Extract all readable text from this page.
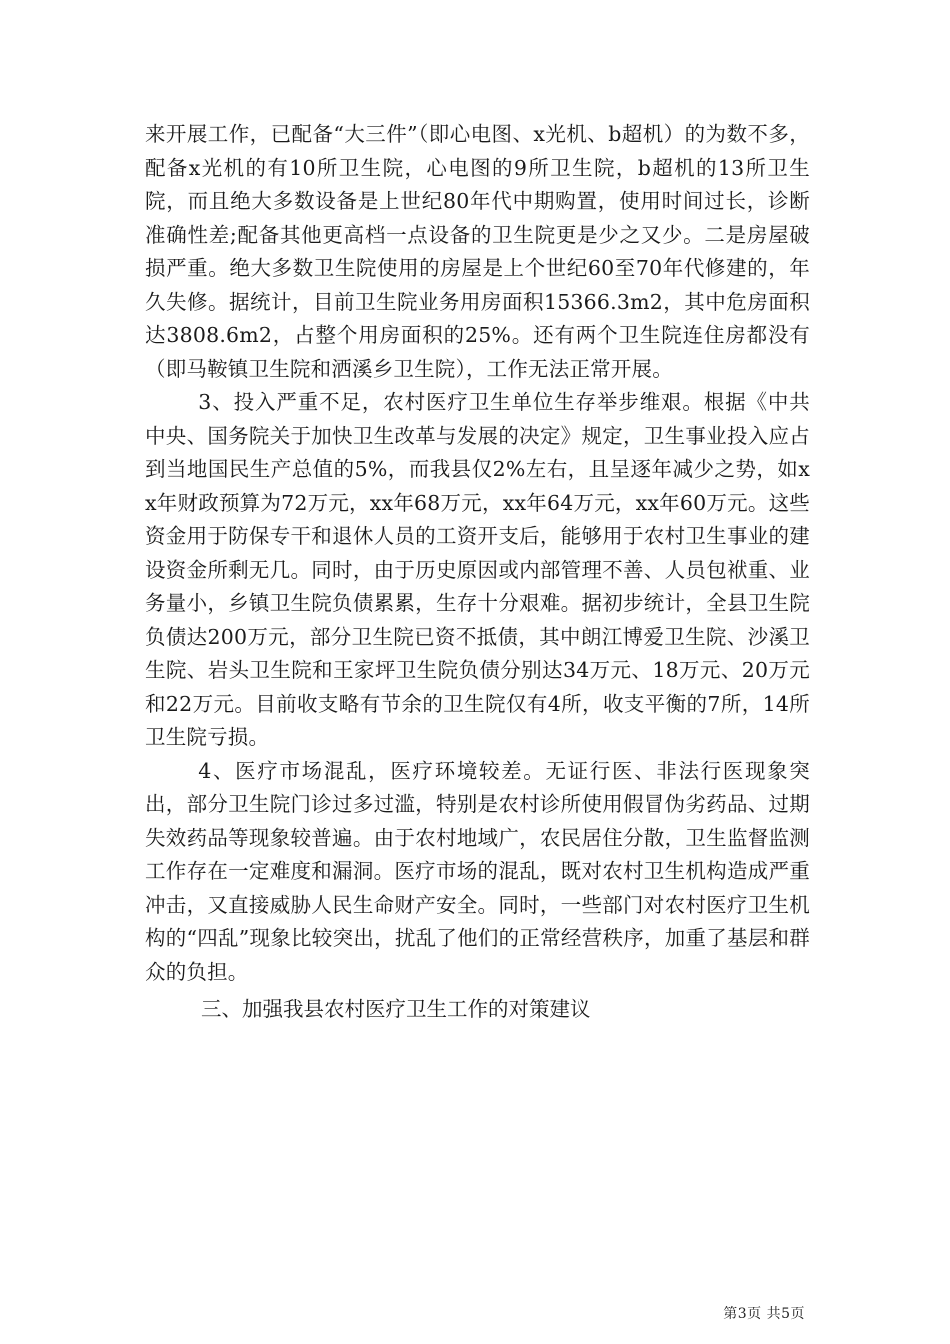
来开展工作，已配备“大三件”（即心电图、x光机、b超机）的为数不多，配备x光机的有10所卫生院，心电图的9所卫生院，b超机的13所卫生院，而且绝大多数设备是上世纪80年代中期购置，使用时间过长，诊断准确性差;配备其他更高档一点设备的卫生院更是少之又少。二是房屋破损严重。绝大多数卫生院使用的房屋是上个世纪60至70年代修建的，年久失修。据统计，目前卫生院业务用房面积15366.3m2，其中危房面积达3808.6m2，占整个用房面积的25%。还有两个卫生院连住房都没有（即马鞍镇卫生院和洒溪乡卫生院），工作无法正常开展。

3、投入严重不足，农村医疗卫生单位生存举步维艰。根据《中共中央、国务院关于加快卫生改革与发展的决定》规定，卫生事业投入应占到当地国民生产总值的5%，而我县仅2%左右，且呈逐年减少之势，如xx年财政预算为72万元，xx年68万元，xx年64万元，xx年60万元。这些资金用于防保专干和退休人员的工资开支后，能够用于农村卫生事业的建设资金所剩无几。同时，由于历史原因或内部管理不善、人员包袱重、业务量小，乡镇卫生院负债累累，生存十分艰难。据初步统计，全县卫生院负债达200万元，部分卫生院已资不抵债，其中朗江博爱卫生院、沙溪卫生院、岩头卫生院和王家坪卫生院负债分别达34万元、18万元、20万元和22万元。目前收支略有节余的卫生院仅有4所，收支平衡的7所，14所卫生院亏损。

4、医疗市场混乱，医疗环境较差。无证行医、非法行医现象突出，部分卫生院门诊过多过滥，特别是农村诊所使用假冒伪劣药品、过期失效药品等现象较普遍。由于农村地域广，农民居住分散，卫生监督监测工作存在一定难度和漏洞。医疗市场的混乱，既对农村卫生机构造成严重冲击，又直接威胁人民生命财产安全。同时，一些部门对农村医疗卫生机构的“四乱”现象比较突出，扰乱了他们的正常经营秩序，加重了基层和群众的负担。

三、加强我县农村医疗卫生工作的对策建议

第3页 共5页
